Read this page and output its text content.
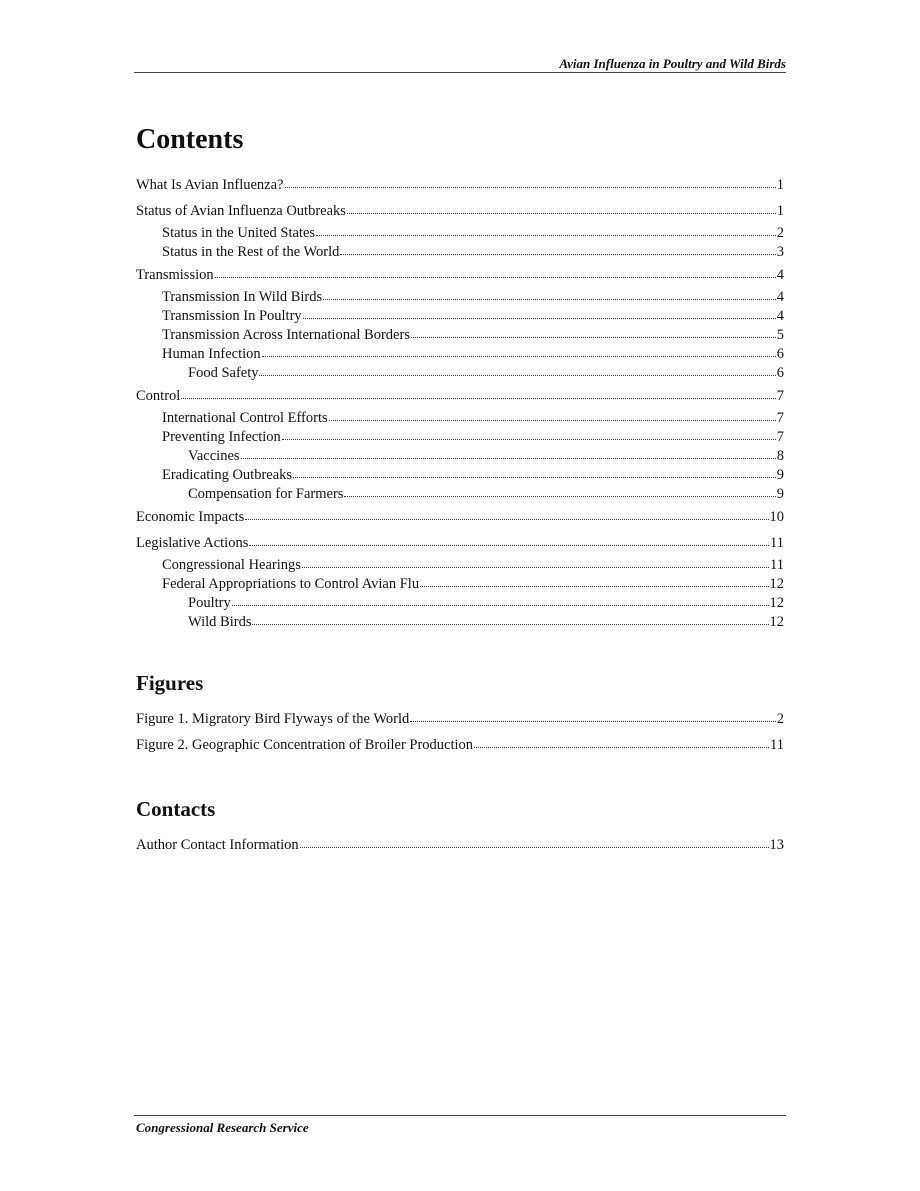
Avian Influenza in Poultry and Wild Birds
Contents
What Is Avian Influenza?	1
Status of Avian Influenza Outbreaks	1
Status in the United States	2
Status in the Rest of the World	3
Transmission	4
Transmission In Wild Birds	4
Transmission In Poultry	4
Transmission Across International Borders	5
Human Infection	6
Food Safety	6
Control	7
International Control Efforts	7
Preventing Infection	7
Vaccines	8
Eradicating Outbreaks	9
Compensation for Farmers	9
Economic Impacts	10
Legislative Actions	11
Congressional Hearings	11
Federal Appropriations to Control Avian Flu	12
Poultry	12
Wild Birds	12
Figures
Figure 1. Migratory Bird Flyways of the World	2
Figure 2. Geographic Concentration of Broiler Production	11
Contacts
Author Contact Information	13
Congressional Research Service
